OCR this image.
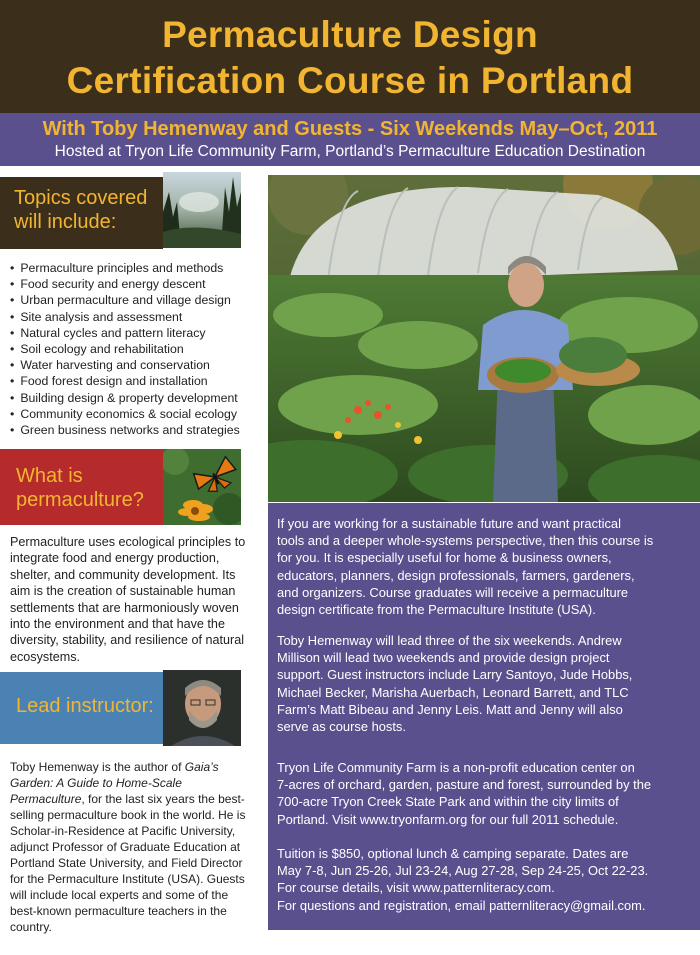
Permaculture Design
Certification Course in Portland
With Toby Hemenway and Guests - Six Weekends May–Oct, 2011
Hosted at Tryon Life Community Farm, Portland’s Permaculture Education Destination
Topics covered
will include:
• Permaculture principles and methods
• Food security and energy descent
• Urban permaculture and village design
• Site analysis and assessment
• Natural cycles and pattern literacy
• Soil ecology and rehabilitation
• Water harvesting and conservation
• Food forest design and installation
• Building design & property development
• Community economics & social ecology
• Green business networks and strategies
What is
permaculture?
Permaculture uses ecological principles to integrate food and energy production, shelter, and community development. Its aim is the creation of sustainable human settlements that are harmoniously woven into the environment and that have the diversity, stability, and resilience of natural ecosystems.
Lead instructor:
Toby Hemenway is the author of Gaia’s Garden: A Guide to Home-Scale Permaculture, for the last six years the best-selling permaculture book in the world. He is Scholar-in-Residence at Pacific University, adjunct Professor of Graduate Education at Portland State University, and Field Director for the Permaculture Institute (USA). Guests will include local experts and some of the best-known permaculture teachers in the country.
If you are working for a sustainable future and want practical
tools and a deeper whole-systems perspective, then this course is
for you. It is especially useful for home & business owners,
educators, planners, design professionals, farmers, gardeners,
and organizers. Course graduates will receive a permaculture
design certificate from the Permaculture Institute (USA).
Toby Hemenway will lead three of the six weekends. Andrew
Millison will lead two weekends and provide design project
support. Guest instructors include Larry Santoyo, Jude Hobbs,
Michael Becker, Marisha Auerbach, Leonard Barrett, and TLC
Farm’s Matt Bibeau and Jenny Leis. Matt and Jenny will also
serve as course hosts.
Tryon Life Community Farm is a non-profit education center on
7-acres of orchard, garden, pasture and forest, surrounded by the
700-acre Tryon Creek State Park and within the city limits of
Portland. Visit www.tryonfarm.org for our full 2011 schedule.
Tuition is $850, optional lunch & camping separate. Dates are
May 7-8, Jun 25-26, Jul 23-24, Aug 27-28, Sep 24-25, Oct 22-23.
For course details, visit www.patternliteracy.com.
For questions and registration, email patternliteracy@gmail.com.
